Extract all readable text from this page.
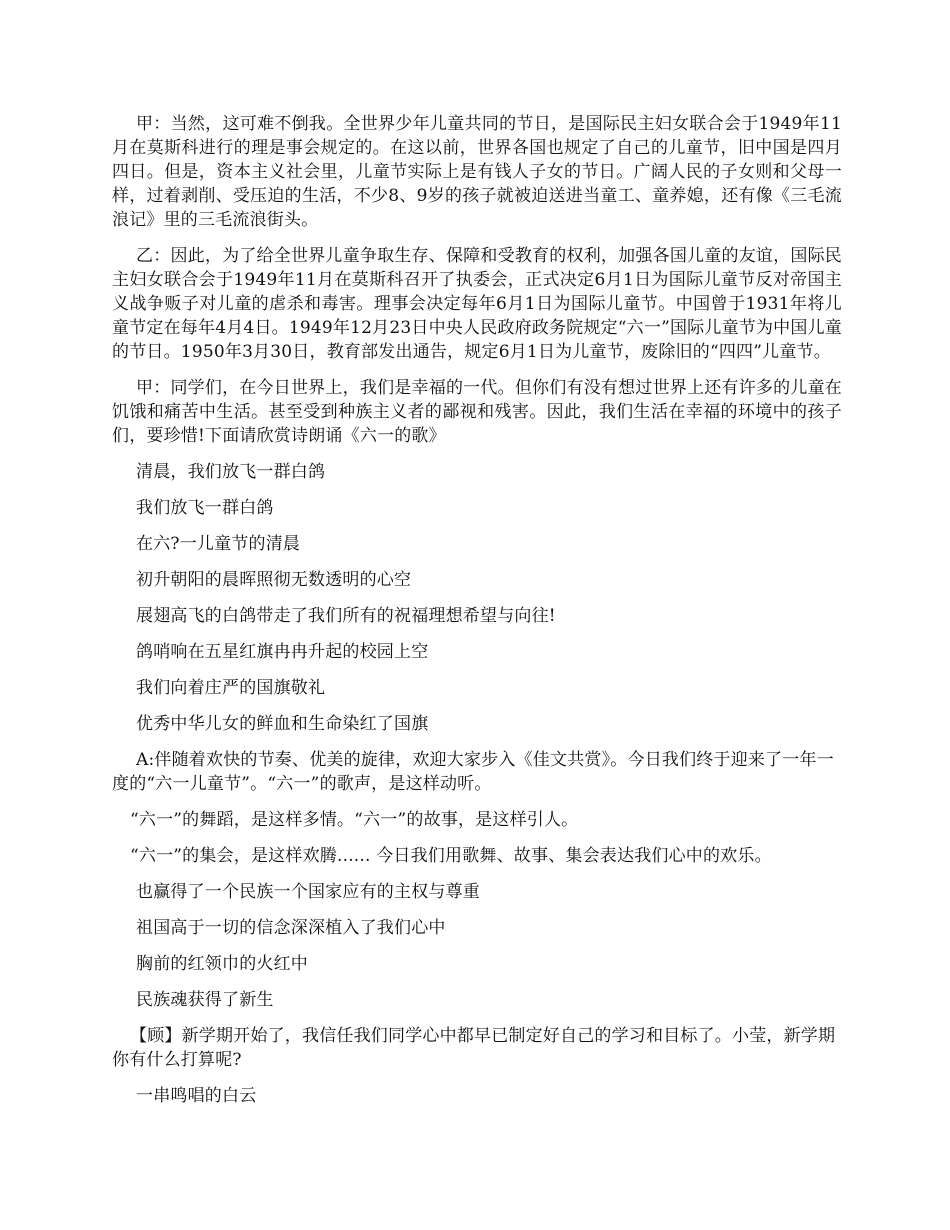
甲：当然，这可难不倒我。全世界少年儿童共同的节日，是国际民主妇女联合会于1949年11月在莫斯科进行的理是事会规定的。在这以前，世界各国也规定了自己的儿童节，旧中国是四月四日。但是，资本主义社会里，儿童节实际上是有钱人子女的节日。广阔人民的子女则和父母一样，过着剥削、受压迫的生活，不少8、9岁的孩子就被迫送进当童工、童养媳，还有像《三毛流浪记》里的三毛流浪街头。

乙：因此，为了给全世界儿童争取生存、保障和受教育的权利，加强各国儿童的友谊，国际民主妇女联合会于1949年11月在莫斯科召开了执委会，正式决定6月1日为国际儿童节反对帝国主义战争贩子对儿童的虐杀和毒害。理事会决定每年6月1日为国际儿童节。中国曾于1931年将儿童节定在每年4月4日。1949年12月23日中央人民政府政务院规定“六一”国际儿童节为中国儿童的节日。1950年3月30日，教育部发出通告，规定6月1日为儿童节，废除旧的“四四”儿童节。

甲：同学们，在今日世界上，我们是幸福的一代。但你们有没有想过世界上还有许多的儿童在饥饿和痛苦中生活。甚至受到种族主义者的鄙视和残害。因此，我们生活在幸福的环境中的孩子们，要珍惜!下面请欣赏诗朗诵《六一的歌》

清晨，我们放飞一群白鸽

我们放飞一群白鸽

在六?一儿童节的清晨

初升朝阳的晨晖照彻无数透明的心空

展翅高飞的白鸽带走了我们所有的祝福理想希望与向往!

鸽哨响在五星红旗冉冉升起的校园上空

我们向着庄严的国旗敬礼

优秀中华儿女的鲜血和生命染红了国旗

A:伴随着欢快的节奏、优美的旋律，欢迎大家步入《佳文共赏》。今日我们终于迎来了一年一度的“六一儿童节”。“六一”的歌声，是这样动听。

“六一”的舞蹈，是这样多情。“六一”的故事，是这样引人。

“六一”的集会，是这样欢腾...... 今日我们用歌舞、故事、集会表达我们心中的欢乐。

也赢得了一个民族一个国家应有的主权与尊重

祖国高于一切的信念深深植入了我们心中

胸前的红领巾的火红中

民族魂获得了新生

【顾】新学期开始了，我信任我们同学心中都早已制定好自己的学习和目标了。小莹，新学期你有什么打算呢?

一串鸣唱的白云
